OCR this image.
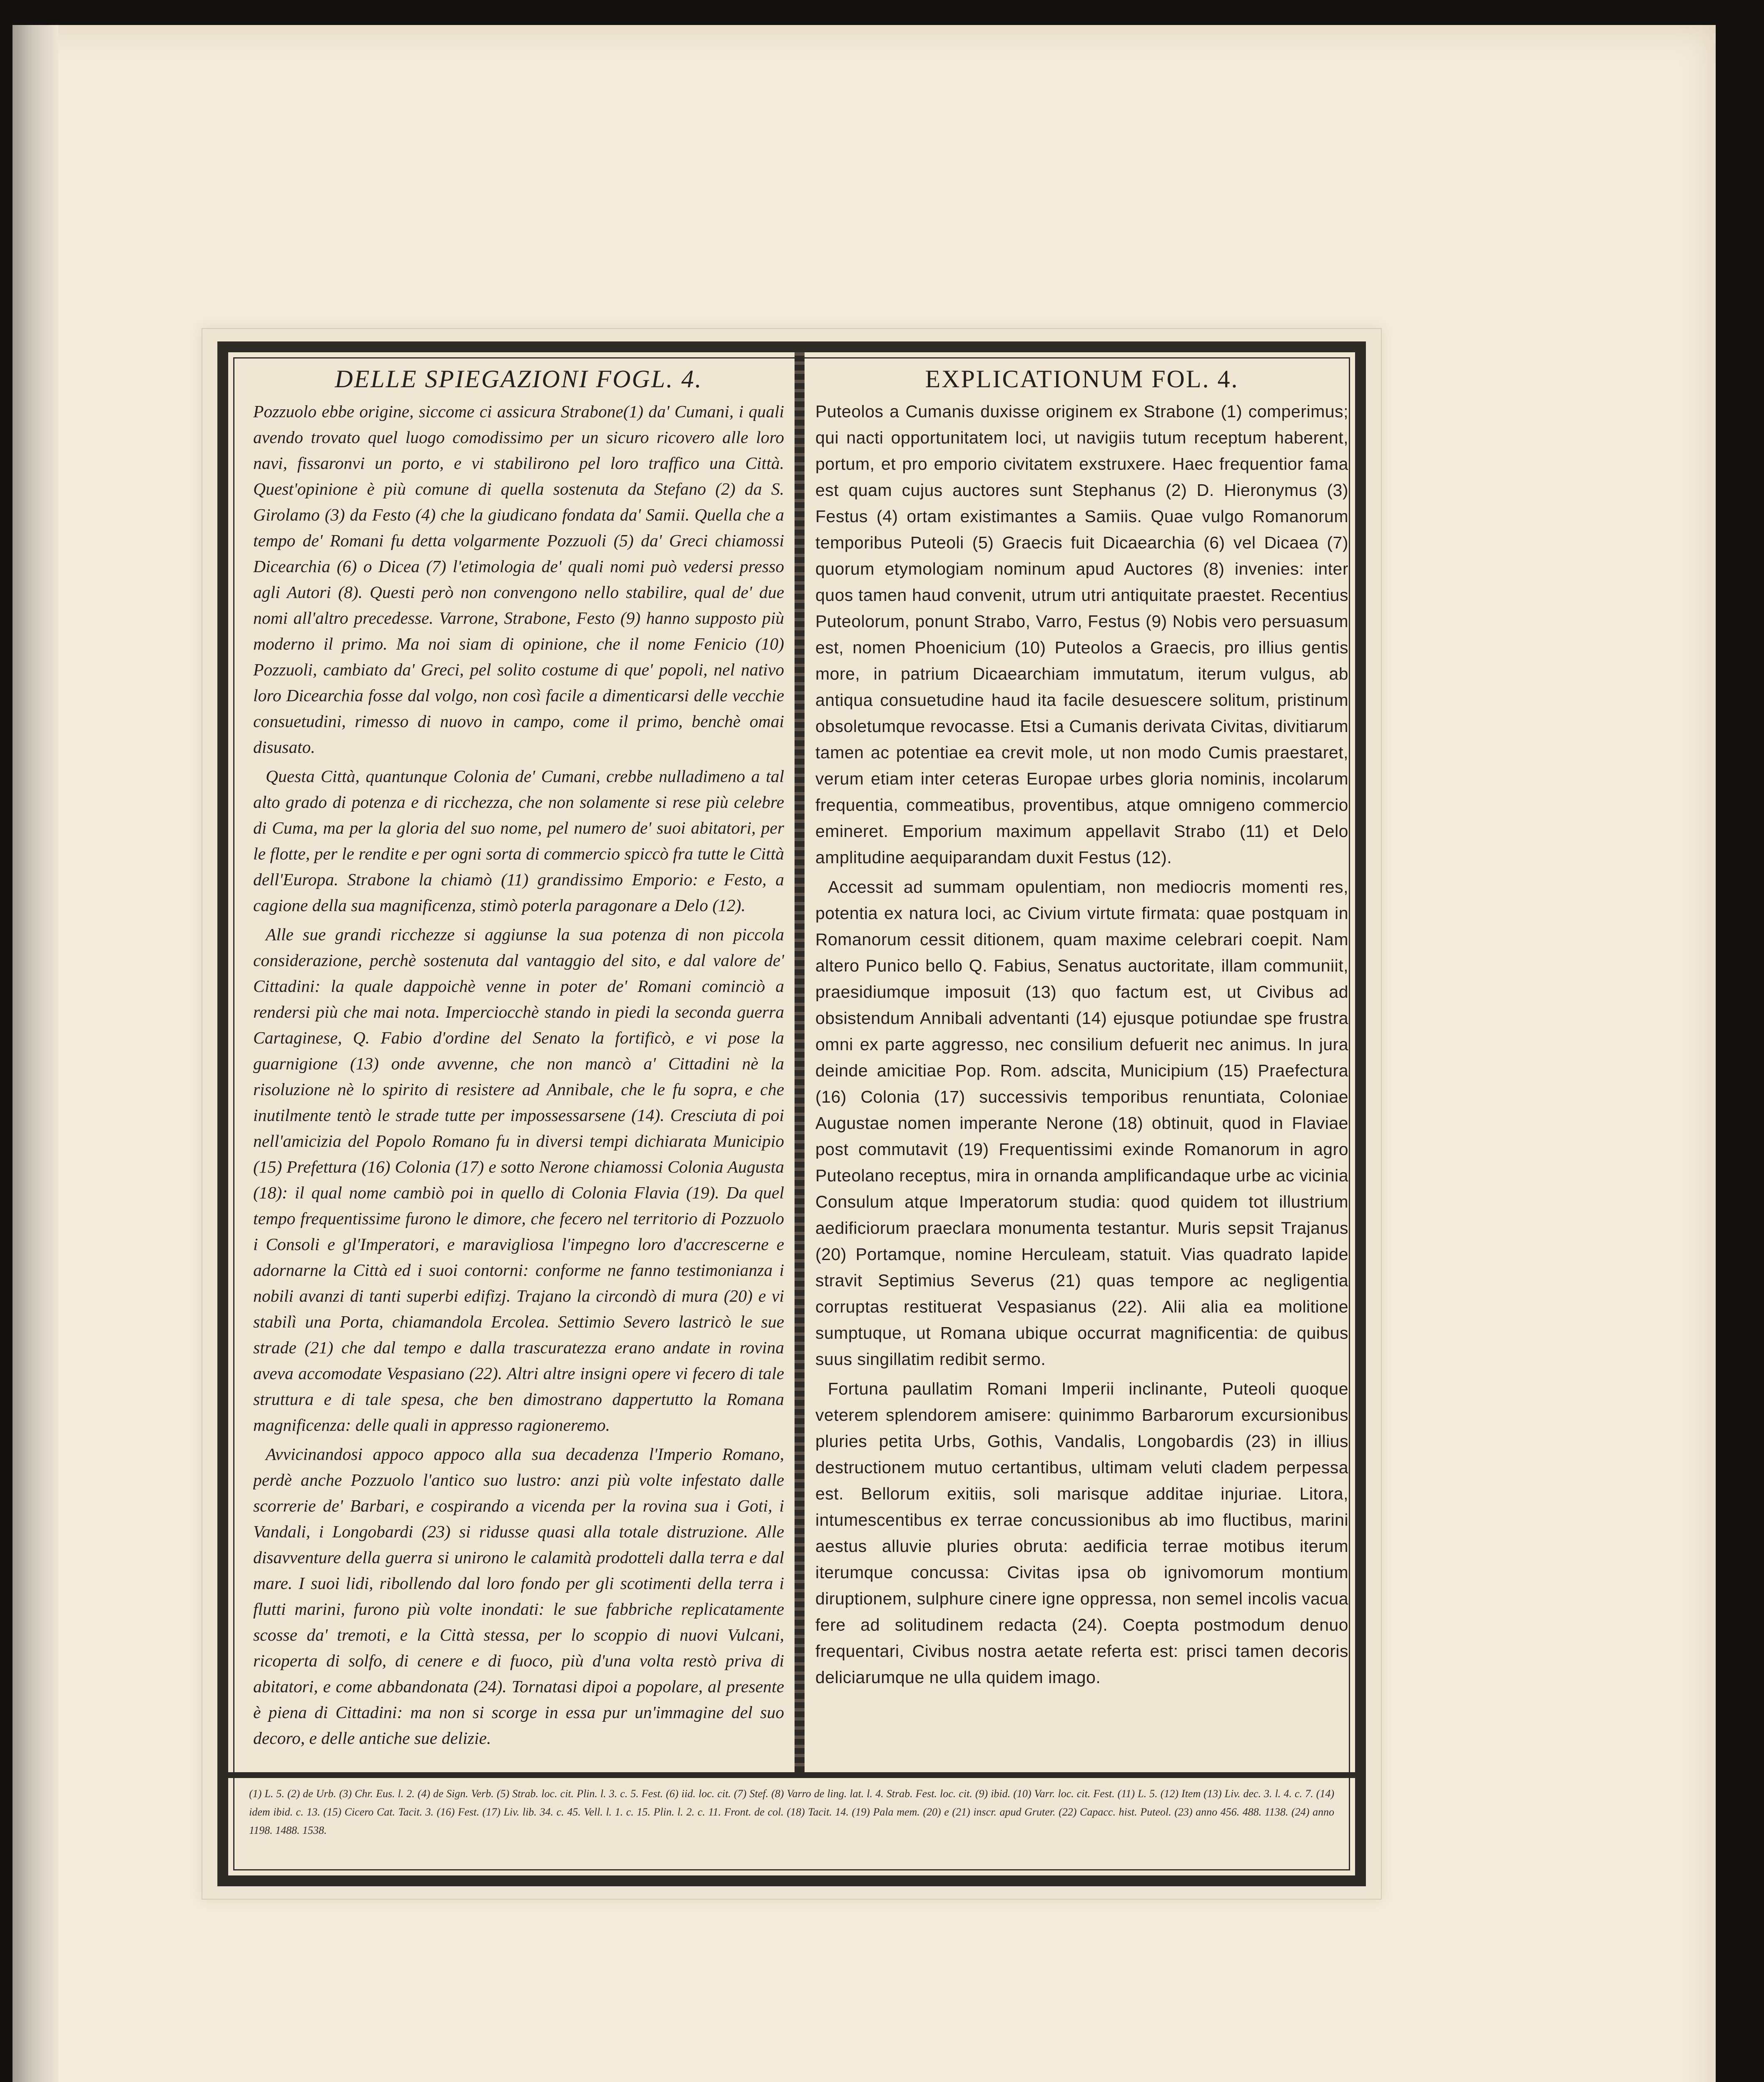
DELLE SPIEGAZIONI FOGL. 4.

Pozzuolo ebbe origine, siccome ci assicura Strabone(1) da' Cumani, i quali avendo trovato quel luogo comodissimo per un sicuro ricovero alle loro navi, fissaronvi un porto, e vi stabilirono pel loro traffico una Città. Quest'opinione è più comune di quella sostenuta da Stefano (2) da S. Girolamo (3) da Festo (4) che la giudicano fondata da' Samii. Quella che a tempo de' Romani fu detta volgarmente Pozzuoli (5) da' Greci chiamossi Dicearchia (6) o Dicea (7) l'etimologia de' quali nomi può vedersi presso agli Autori (8). Questi però non convengono nello stabilire, qual de' due nomi all'altro precedesse. Varrone, Strabone, Festo (9) hanno supposto più moderno il primo. Ma noi siam di opinione, che il nome Fenicio (10) Pozzuoli, cambiato da' Greci, pel solito costume di que' popoli, nel nativo loro Dicearchia fosse dal volgo, non così facile a dimenticarsi delle vecchie consuetudini, rimesso di nuovo in campo, come il primo, benchè omai disusato.

Questa Città, quantunque Colonia de' Cumani, crebbe nulladimeno a tal alto grado di potenza e di ricchezza, che non solamente si rese più celebre di Cuma, ma per la gloria del suo nome, pel numero de' suoi abitatori, per le flotte, per le rendite e per ogni sorta di commercio spiccò fra tutte le Città dell'Europa. Strabone la chiamò (11) grandissimo Emporio: e Festo, a cagione della sua magnificenza, stimò poterla paragonare a Delo (12).

Alle sue grandi ricchezze si aggiunse la sua potenza di non piccola considerazione, perchè sostenuta dal vantaggio del sito, e dal valore de' Cittadini: la quale dappoichè venne in poter de' Romani cominciò a rendersi più che mai nota. Imperciocchè stando in piedi la seconda guerra Cartaginese, Q. Fabio d'ordine del Senato la fortificò, e vi pose la guarnigione (13) onde avvenne, che non mancò a' Cittadini nè la risoluzione nè lo spirito di resistere ad Annibale, che le fu sopra, e che inutilmente tentò le strade tutte per impossessarsene (14). Cresciuta di poi nell'amicizia del Popolo Romano fu in diversi tempi dichiarata Municipio (15) Prefettura (16) Colonia (17) e sotto Nerone chiamossi Colonia Augusta (18): il qual nome cambiò poi in quello di Colonia Flavia (19). Da quel tempo frequentissime furono le dimore, che fecero nel territorio di Pozzuolo i Consoli e gl'Imperatori, e maravigliosa l'impegno loro d'accrescerne e adornarne la Città ed i suoi contorni: conforme ne fanno testimonianza i nobili avanzi di tanti superbi edifizj. Trajano la circondò di mura (20) e vi stabilì una Porta, chiamandola Ercolea. Settimio Severo lastricò le sue strade (21) che dal tempo e dalla trascuratezza erano andate in rovina aveva accomodate Vespasiano (22). Altri altre insigni opere vi fecero di tale struttura e di tale spesa, che ben dimostrano dappertutto la Romana magnificenza: delle quali in appresso ragioneremo.

Avvicinandosi appoco appoco alla sua decadenza l'Imperio Romano, perdè anche Pozzuolo l'antico suo lustro: anzi più volte infestato dalle scorrerie de' Barbari, e cospirando a vicenda per la rovina sua i Goti, i Vandali, i Longobardi (23) si ridusse quasi alla totale distruzione. Alle disavventure della guerra si unirono le calamità prodotteli dalla terra e dal mare. I suoi lidi, ribollendo dal loro fondo per gli scotimenti della terra i flutti marini, furono più volte inondati: le sue fabbriche replicatamente scosse da' tremoti, e la Città stessa, per lo scoppio di nuovi Vulcani, ricoperta di solfo, di cenere e di fuoco, più d'una volta restò priva di abitatori, e come abbandonata (24). Tornatasi dipoi a popolare, al presente è piena di Cittadini: ma non si scorge in essa pur un'immagine del suo decoro, e delle antiche sue delizie.

EXPLICATIONUM FOL. 4.

Puteolos a Cumanis duxisse originem ex Strabone (1) comperimus; qui nacti opportunitatem loci, ut navigiis tutum receptum haberent, portum, et pro emporio civitatem exstruxere. Haec frequentior fama est quam cujus auctores sunt Stephanus (2) D. Hieronymus (3) Festus (4) ortam existimantes a Samiis. Quae vulgo Romanorum temporibus Puteoli (5) Graecis fuit Dicaearchia (6) vel Dicaea (7) quorum etymologiam nominum apud Auctores (8) invenies: inter quos tamen haud convenit, utrum utri antiquitate praestet. Recentius Puteolorum, ponunt Strabo, Varro, Festus (9) Nobis vero persuasum est, nomen Phoenicium (10) Puteolos a Graecis, pro illius gentis more, in patrium Dicaearchiam immutatum, iterum vulgus, ab antiqua consuetudine haud ita facile desuescere solitum, pristinum obsoletumque revocasse. Etsi a Cumanis derivata Civitas, divitiarum tamen ac potentiae ea crevit mole, ut non modo Cumis praestaret, verum etiam inter ceteras Europae urbes gloria nominis, incolarum frequentia, commeatibus, proventibus, atque omnigeno commercio emineret. Emporium maximum appellavit Strabo (11) et Delo amplitudine aequiparandam duxit Festus (12).

Accessit ad summam opulentiam, non mediocris momenti res, potentia ex natura loci, ac Civium virtute firmata: quae postquam in Romanorum cessit ditionem, quam maxime celebrari coepit. Nam altero Punico bello Q. Fabius, Senatus auctoritate, illam communiit, praesidiumque imposuit (13) quo factum est, ut Civibus ad obsistendum Annibali adventanti (14) ejusque potiundae spe frustra omni ex parte aggresso, nec consilium defuerit nec animus. In jura deinde amicitiae Pop. Rom. adscita, Municipium (15) Praefectura (16) Colonia (17) successivis temporibus renuntiata, Coloniae Augustae nomen imperante Nerone (18) obtinuit, quod in Flaviae post commutavit (19) Frequentissimi exinde Romanorum in agro Puteolano receptus, mira in ornanda amplificandaque urbe ac vicinia Consulum atque Imperatorum studia: quod quidem tot illustrium aedificiorum praeclara monumenta testantur. Muris sepsit Trajanus (20) Portamque, nomine Herculeam, statuit. Vias quadrato lapide stravit Septimius Severus (21) quas tempore ac negligentia corruptas restituerat Vespasianus (22). Alii alia ea molitione sumptuque, ut Romana ubique occurrat magnificentia: de quibus suus singillatim redibit sermo.

Fortuna paullatim Romani Imperii inclinante, Puteoli quoque veterem splendorem amisere: quinimmo Barbarorum excursionibus pluries petita Urbs, Gothis, Vandalis, Longobardis (23) in illius destructionem mutuo certantibus, ultimam veluti cladem perpessa est. Bellorum exitiis, soli marisque additae injuriae. Litora, intumescentibus ex terrae concussionibus ab imo fluctibus, marini aestus alluvie pluries obruta: aedificia terrae motibus iterum iterumque concussa: Civitas ipsa ob ignivomorum montium diruptionem, sulphure cinere igne oppressa, non semel incolis vacua fere ad solitudinem redacta (24). Coepta postmodum denuo frequentari, Civibus nostra aetate referta est: prisci tamen decoris deliciarumque ne ulla quidem imago.

(1) L. 5. (2) de Urb. (3) Chr. Eus. l. 2. (4) de Sign. Verb. (5) Strab. loc. cit. Plin. l. 3. c. 5. Fest. (6) iid. loc. cit. (7) Stef. (8) Varro de ling. lat. l. 4. Strab. Fest. loc. cit. (9) ibid. (10) Varr. loc. cit. Fest. (11) L. 5. (12) Item (13) Liv. dec. 3. l. 4. c. 7. (14) idem ibid. c. 13. (15) Cicero Cat. Tacit. 3. (16) Fest. (17) Liv. lib. 34. c. 45. Vell. l. 1. c. 15. Plin. l. 2. c. 11. Front. de col. (18) Tacit. 14. (19) Pala mem. (20) e (21) inscr. apud Gruter. (22) Capacc. hist. Puteol. (23) anno 456. 488. 1138. (24) anno 1198. 1488. 1538.
